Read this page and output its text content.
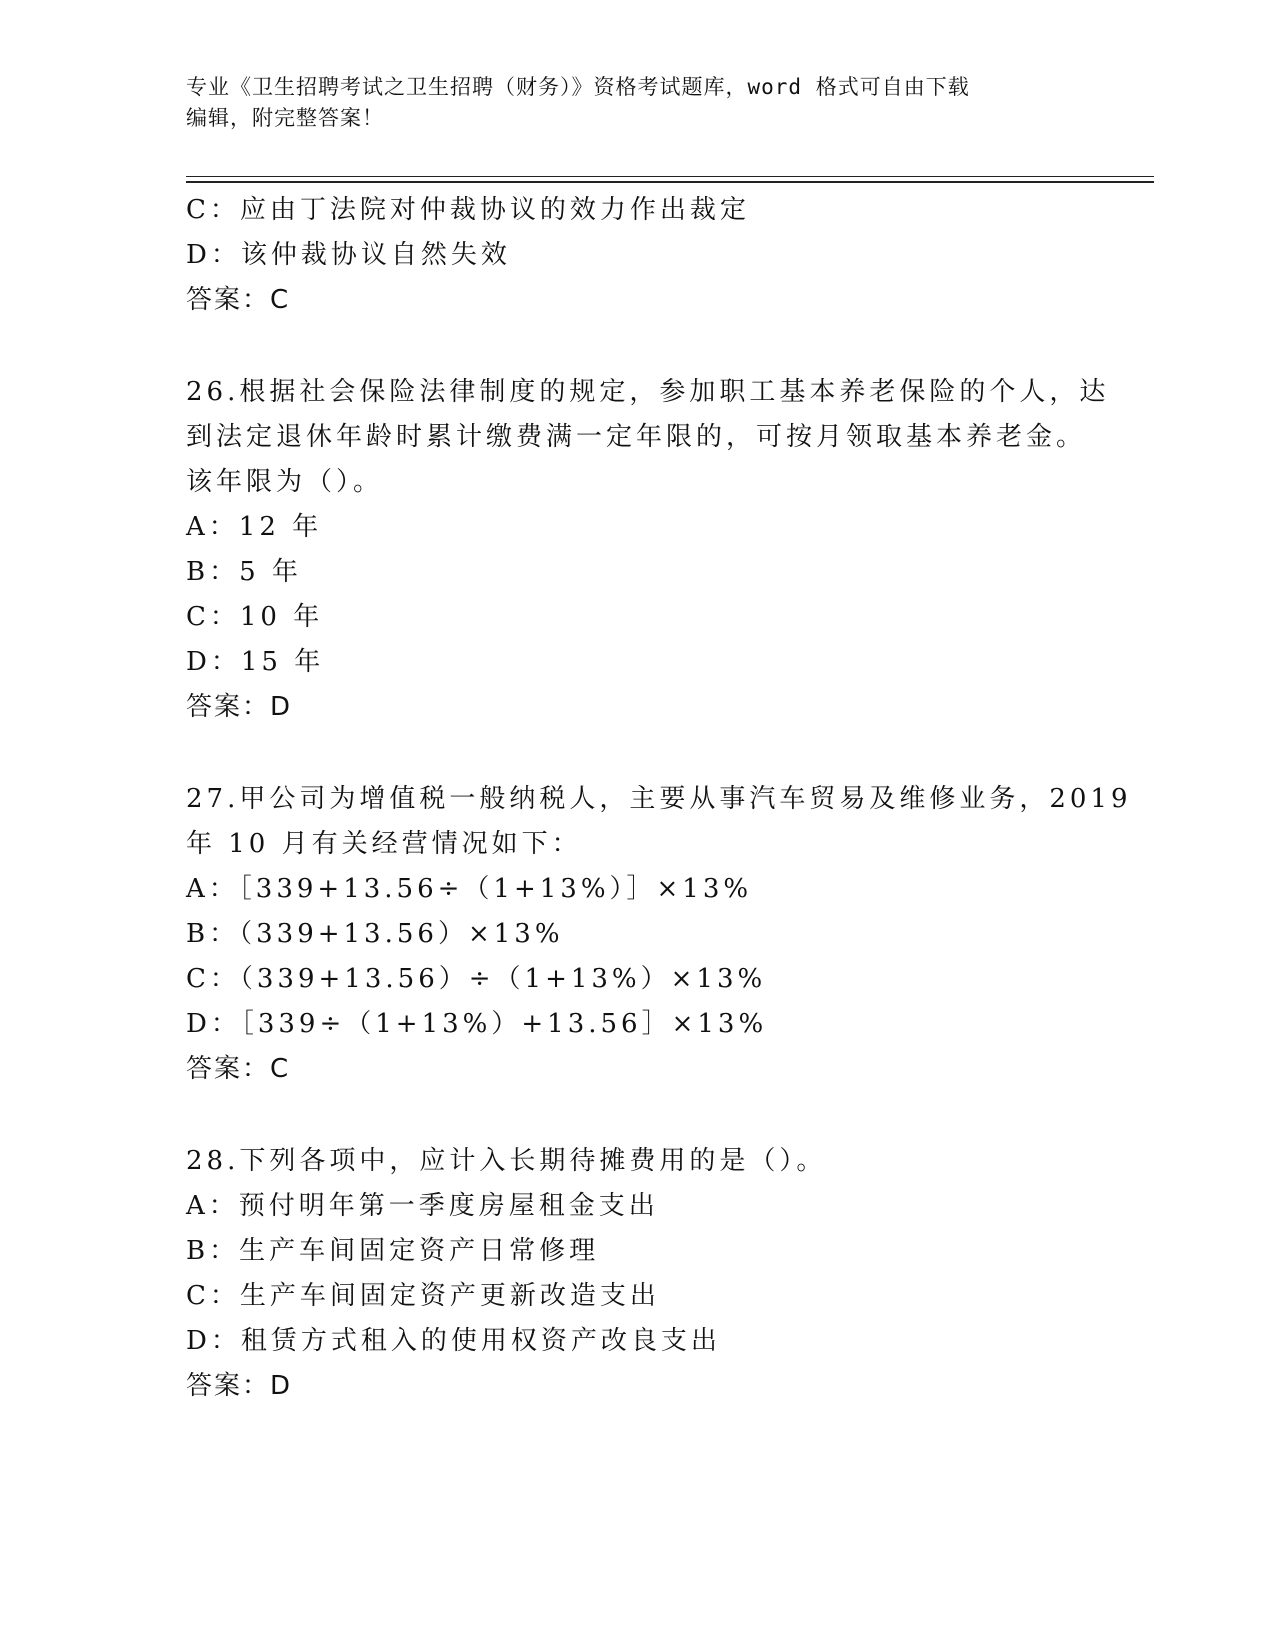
专业《卫生招聘考试之卫生招聘（财务）》资格考试题库，word 格式可自由下载
编辑，附完整答案！
C：应由丁法院对仲裁协议的效力作出裁定
D：该仲裁协议自然失效
答案：C
26.根据社会保险法律制度的规定，参加职工基本养老保险的个人，达
到法定退休年龄时累计缴费满一定年限的，可按月领取基本养老金。
该年限为（）。
A：12 年
B：5 年
C：10 年
D：15 年
答案：D
27.甲公司为增值税一般纳税人，主要从事汽车贸易及维修业务，2019
年 10 月有关经营情况如下：
A：［339+13.56÷（1+13%）］×13%
B：（339+13.56）×13%
C：（339+13.56）÷（1+13%）×13%
D：［339÷（1+13%）+13.56］×13%
答案：C
28.下列各项中，应计入长期待摊费用的是（）。
A：预付明年第一季度房屋租金支出
B：生产车间固定资产日常修理
C：生产车间固定资产更新改造支出
D：租赁方式租入的使用权资产改良支出
答案：D
